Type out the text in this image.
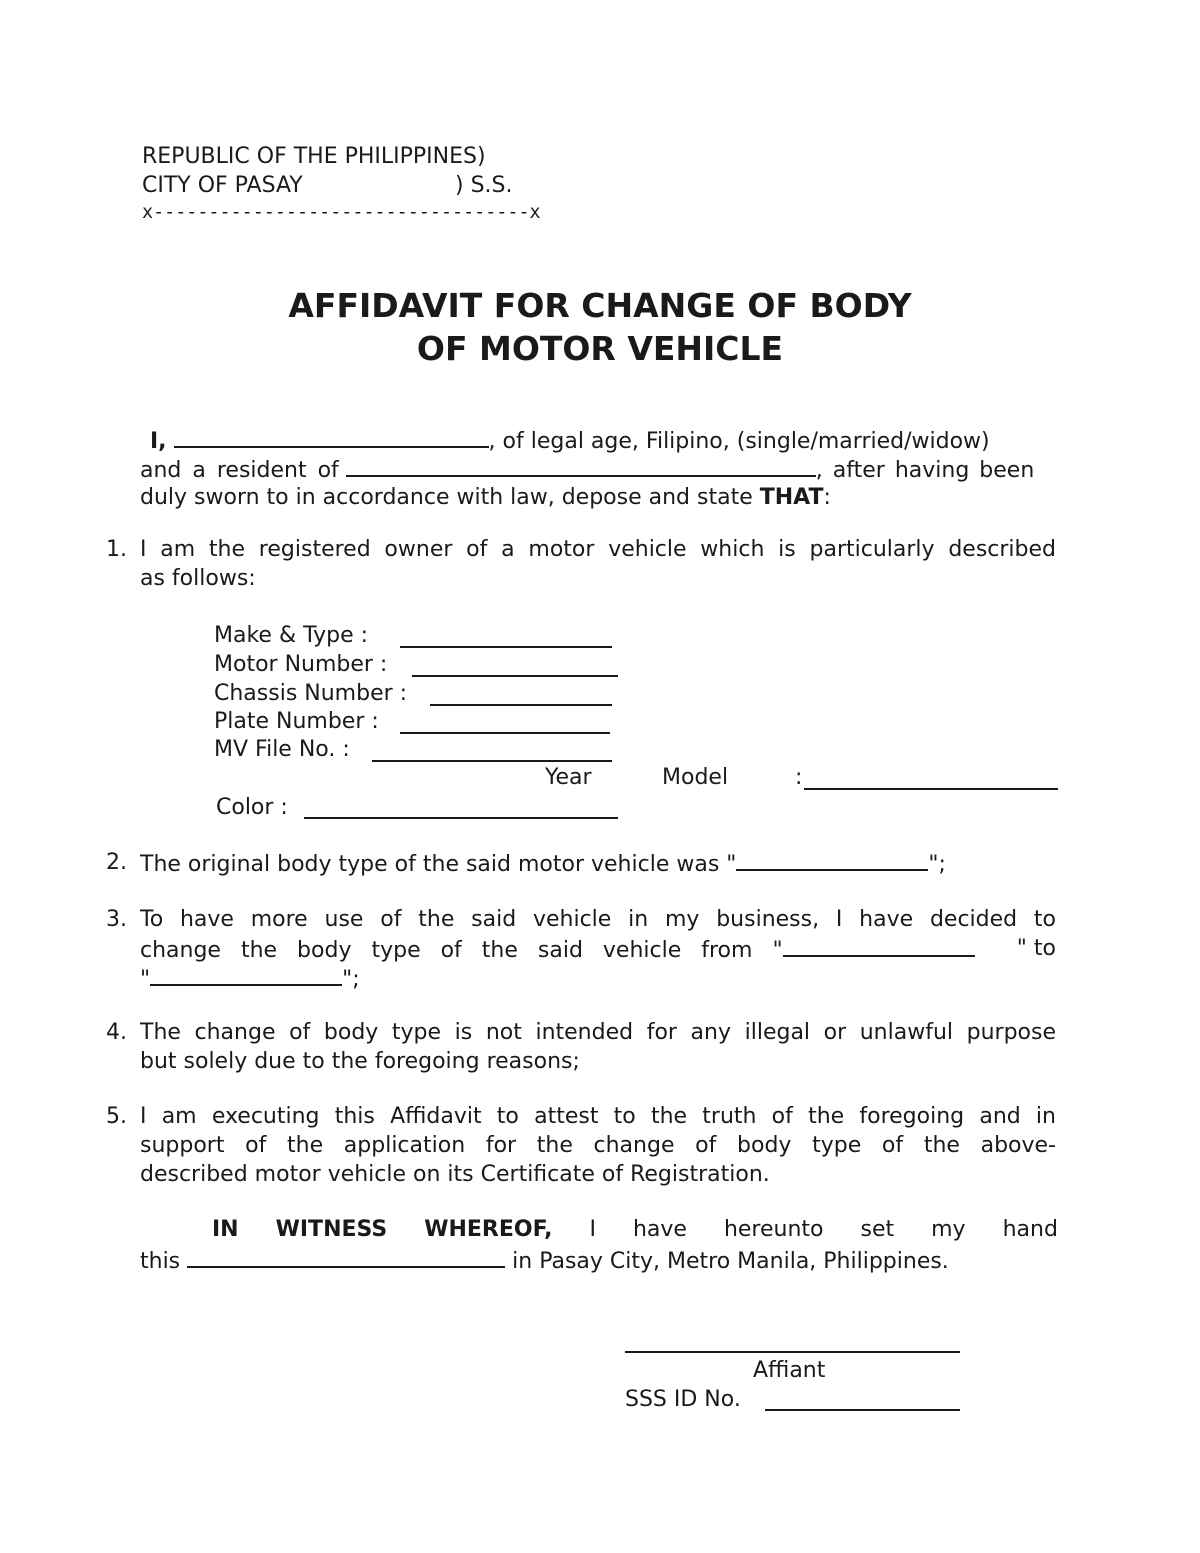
REPUBLIC OF THE PHILIPPINES)
CITY OF PASAY	) S.S.
x----------------------------------x
AFFIDAVIT FOR CHANGE OF BODY
OF MOTOR VEHICLE
I,	, of legal age, Filipino, (single/married/widow)
and a resident of	, after having been
duly sworn to in accordance with law, depose and state THAT:
1. I am the registered owner of a motor vehicle which is particularly described
as follows:
Make & Type :
Motor Number :
Chassis Number :
Plate Number :
MV File No. :
Year	Model	:
Color :
2. The original body type of the said motor vehicle was "	";
3. To have more use of the said vehicle in my business, I have decided to
change the body type of the said vehicle from "	" to
"	";
4. The change of body type is not intended for any illegal or unlawful purpose
but solely due to the foregoing reasons;
5. I am executing this Affidavit to attest to the truth of the foregoing and in
support of the application for the change of body type of the above-
described motor vehicle on its Certificate of Registration.
IN WITNESS WHEREOF, I have hereunto set my hand
this	in Pasay City, Metro Manila, Philippines.
Affiant
SSS ID No.
